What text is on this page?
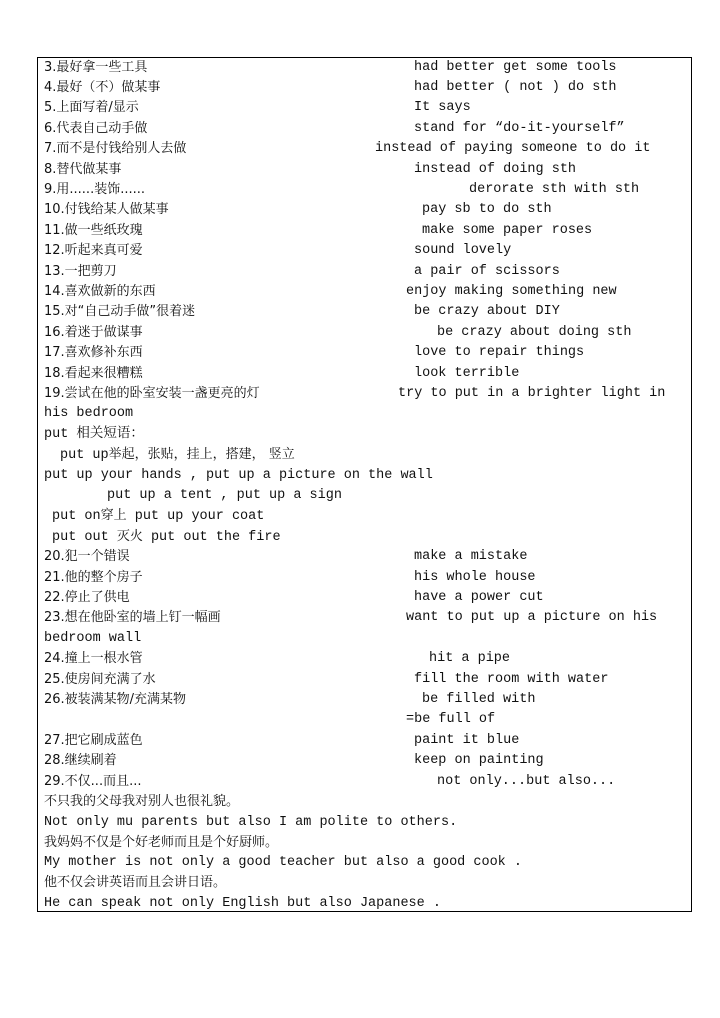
3.最好拿一些工具	had better get some tools
4.最好（不）做某事	had better ( not ) do sth
5.上面写着/显示	It says
6.代表自己动手做	stand for “do-it-yourself”
7.而不是付钱给别人去做	instead of paying someone to do it
8.替代做某事	instead of doing sth
9.用......装饰......	derorate sth with sth
10.付钱给某人做某事	pay sb to do sth
11.做一些纸玫瑰	make some paper roses
12.听起来真可爱	sound lovely
13.一把剪刀	a pair of scissors
14.喜欢做新的东西	enjoy making something new
15.对“自己动手做”很着迷	be crazy about DIY
16.着迷于做谋事	be crazy about doing sth
17.喜欢修补东西	love to repair things
18.看起来很糟糕	look terrible
19.尝试在他的卧室安装一盏更亮的灯	try to put in a brighter light in
his bedroom
put 相关短语：
put up举起，张贴，挂上，搭建， 竖立
put up your hands , put up a picture on the wall
put up a tent , put up a sign
put on穿上 put up your coat
put out 灭火 put out the fire
20.犯一个错误	make a mistake
21.他的整个房子	his whole house
22.停止了供电	have a power cut
23.想在他卧室的墙上钉一幅画	want to put up a picture on his
bedroom wall
24.撞上一根水管	hit a pipe
25.使房间充满了水	fill the room with water
26.被装满某物/充满某物	be filled with
=be full of
27.把它刷成蓝色	paint it blue
28.继续刷着	keep on painting
29.不仅...而且...	not only...but also...
不只我的父母我对别人也很礼貌。
Not only mu parents but also I am polite to others.
我妈妈不仅是个好老师而且是个好厨师。
My mother is not only a good teacher but also a good cook .
他不仅会讲英语而且会讲日语。
He can speak not only English but also Japanese .
